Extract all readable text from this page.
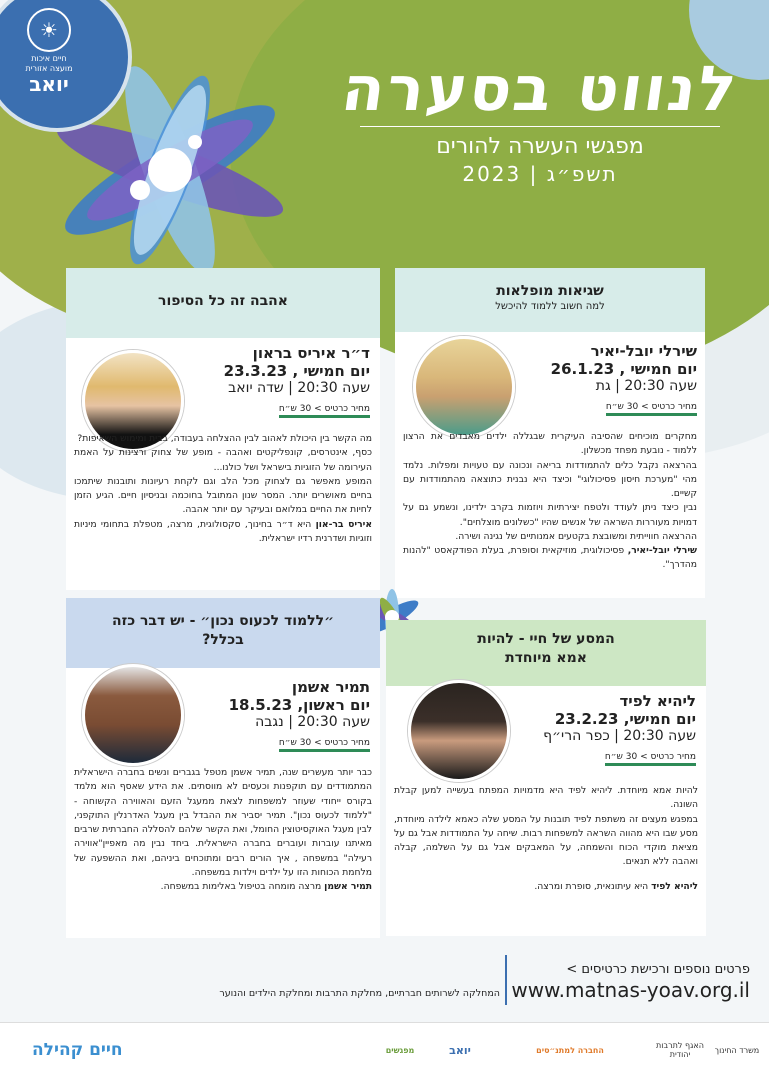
☀
חיים איכות
מועצה אזורית
יואב	לנווט בסערה
מפגשי העשרה להורים
תשפ״ג | 2023
שגיאות מופלאות
למה חשוב ללמוד להיכשל
שירלי יובל-יאיר
יום חמישי , 26.1.23
שעה 20:30 | גת
מחיר כרטיס > 30 ש״ח

מחקרים מוכיחים שהסיבה העיקרית שבגללה ילדים מאבדים את הרצון ללמוד - נובעת מפחד מכשלון.

בהרצאה נקבל כלים להתמודדות בריאה ונכונה עם טעויות ומפלות. נלמד מהי "מערכת חיסון פסיכולוגי" וכיצד היא נבנית כתוצאה מהתמודדות עם קשיים.

נבין כיצד ניתן לעודד ולטפח יצירתיות ויוזמות בקרב ילדינו, ונשמע גם על דמויות מעוררות השראה של אנשים שהיו "כשלונים מוצלחים".

ההרצאה חווייתית ומשובצת בקטעים אמנותיים של נגינה ושירה.

שירלי יובל-יאיר, פסיכולוגית, מוזיקאית וסופרת, בעלת הפודקאסט "להנות מהדרך".

אהבה זה כל הסיפור
ד״ר איריס בראון
יום חמישי , 23.3.23
שעה 20:30 | שדה יואב
מחיר כרטיס > 30 ש״ח

מה הקשר בין היכולת לאהוב לבין ההצלחה בעבודה, בבית ומימוש השאיפות?

כסף, אינטרסים, קונפליקטים ואהבה - מופע של צחוק ורצינות על האמת העירומה של הזוגיות בישראל ושל כולנו...

המופע מאפשר גם לצחוק מכל הלב וגם לקחת רעיונות ותובנות שיתמכו בחיים מאושרים יותר. המסר שנון המתובל בחוכמה ובניסיון חיים. הגיע הזמן לחיות את החיים במלואם ובעיקר עם יותר אהבה.

איריס בר-און היא ד״ר בחינוך, סקסולוגית, מרצה, מטפלת בתחומי מיניות וזוגיות ושדרנית רדיו ישראלית.

המסע של חיי - להיות אמא מיוחדת
ליהיא לפיד
יום חמישי, 23.2.23
שעה 20:30 | כפר הרי״ף
מחיר כרטיס > 30 ש״ח

להיות אמא מיוחדת. ליהיא לפיד היא מדמויות המפתח בעשייה למען קבלת השונה.

במפגש מעצים זה משתפת לפיד תובנות על המסע שלה כאמא לילדה מיוחדת, מסע שבו היא מהווה השראה למשפחות רבות. שיחה על התמודדות אבל גם על מציאת מוקדי הכוח והשמחה, על המאבקים אבל גם על השלמה, קבלה ואהבה ללא תנאים.

ליהיא לפיד היא עיתונאית, סופרת ומרצה.

״ללמוד לכעוס נכון״ - יש דבר כזה בכלל?
תמיר אשמן
יום ראשון, 18.5.23
שעה 20:30 | נגבה
מחיר כרטיס > 30 ש״ח

כבר יותר מעשרים שנה, תמיר אשמן מטפל בגברים ונשים בחברה הישראלית המתמודדים עם תוקפנות וכעסים לא מווסתים. את הידע שאסף הוא מלמד בקורס ייחודי שעוזר למשפחות לצאת ממעגל הזעם והאווירה הקשוחה - "ללמוד לכעוס נכון". תמיר יסביר את ההבדל בין מעגל האדרנלין התוקפני, לבין מעגל האוקסיטוצין החומל, ואת הקשר שלהם להסללה החברתית שרבים מאיתנו עוברות ועוברים בחברה הישראלית. ביחד נבין מה מאפיין"אווירה רעילה" במשפחה , איך הורים רבים ומתוכחים ביניהם, ואת ההשפעה של מלחמת הכוחות הזו על ילדים וילדות במשפחה.

תמיר אשמן מרצה מומחה בטיפול באלימות במשפחה.

פרטים נוספים ורכישת כרטיסים >
www.matnas-yoav.org.il
המחלקה לשרותים חברתיים, מחלקת התרבות ומחלקת הילדים והנוער
משרד החינוך
האגף לתרבות יהודית
החברה למתנ״סים
יואב
מפגשים
חיים קהילה
